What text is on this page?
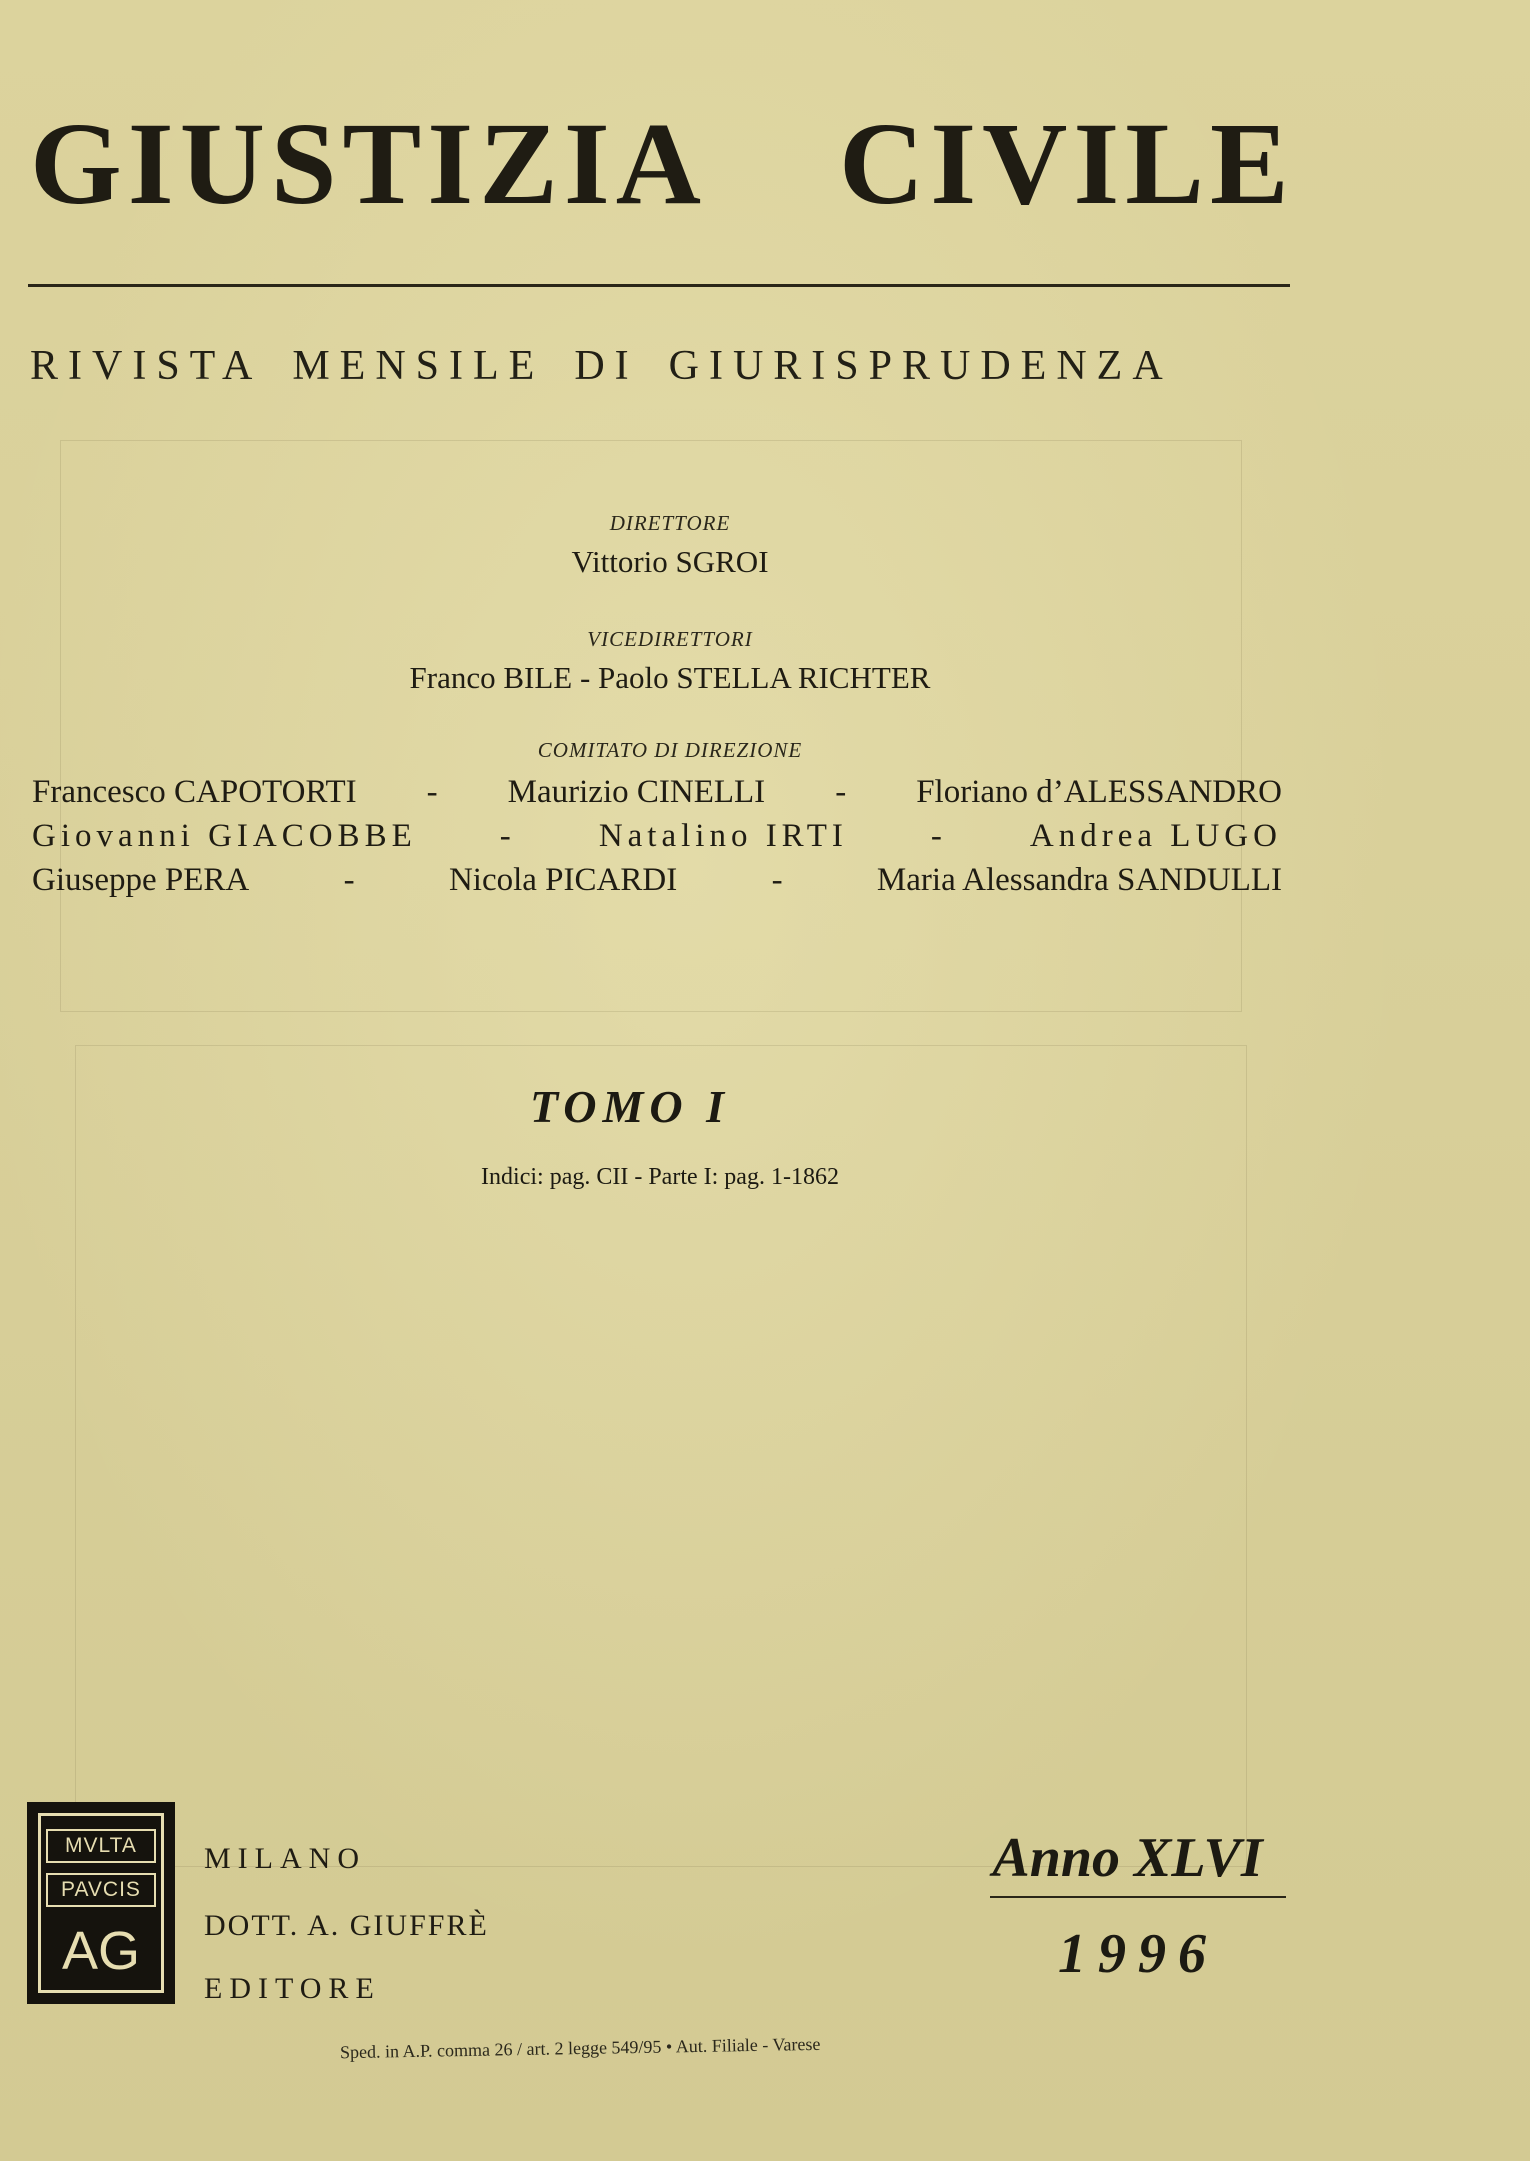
GIUSTIZIA CIVILE
RIVISTA MENSILE DI GIURISPRUDENZA
DIRETTORE
Vittorio SGROI
VICEDIRETTORI
Franco BILE - Paolo STELLA RICHTER
COMITATO DI DIREZIONE
Francesco CAPOTORTI - Maurizio CINELLI - Floriano d’ALESSANDRO
Giovanni GIACOBBE	-	Natalino IRTI	-	Andrea LUGO
Giuseppe PERA	-	Nicola PICARDI	-	Maria Alessandra SANDULLI
TOMO I
Indici: pag. CII - Parte I: pag. 1-1862
MVLTA
PAVCIS
AG
MILANO
DOTT. A. GIUFFRÈ
EDITORE
Anno XLVI
1996
Sped. in A.P. comma 26 / art. 2 legge 549/95 • Aut. Filiale - Varese
